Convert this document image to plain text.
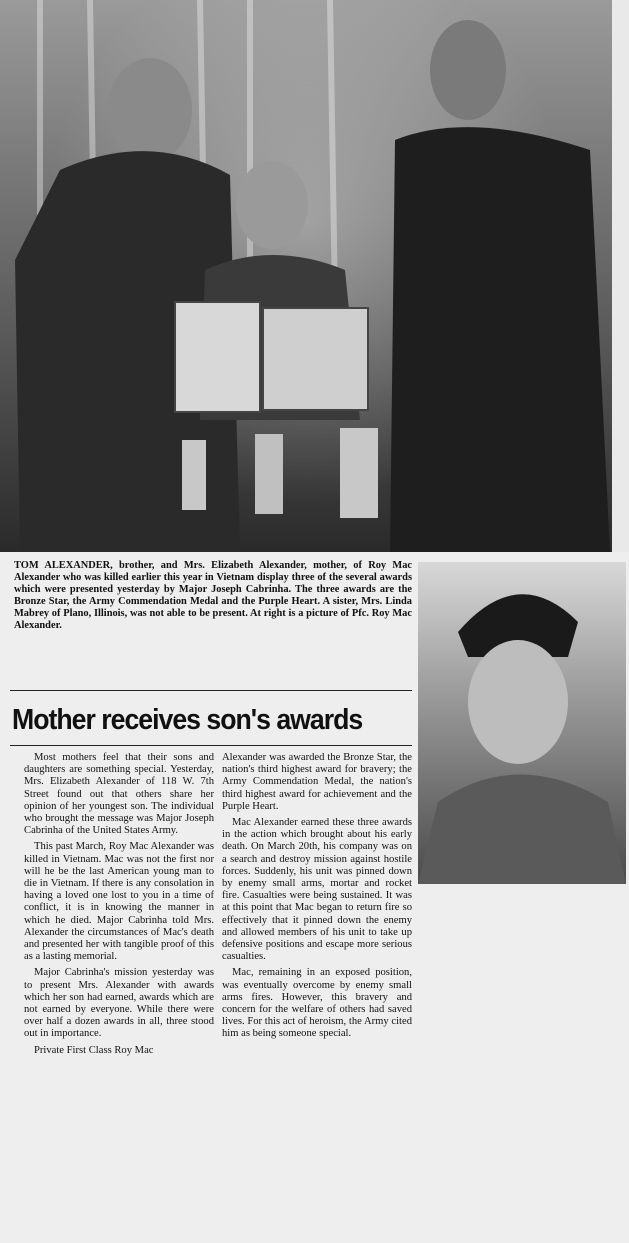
TOM ALEXANDER, brother, and Mrs. Elizabeth Alexander, mother, of Roy Mac Alexander who was killed earlier this year in Vietnam display three of the several awards which were presented yesterday by Major Joseph Cabrinha. The three awards are the Bronze Star, the Army Commendation Medal and the Purple Heart. A sister, Mrs. Linda Mabrey of Plano, Illinois, was not able to be present. At right is a picture of Pfc. Roy Mac Alexander.

Mother receives son's awards

Most mothers feel that their sons and daughters are something special. Yesterday, Mrs. Elizabeth Alexander of 118 W. 7th Street found out that others share her opinion of her youngest son. The individual who brought the message was Major Joseph Cabrinha of the United States Army.

This past March, Roy Mac Alexander was killed in Vietnam. Mac was not the first nor will he be the last American young man to die in Vietnam. If there is any consolation in having a loved one lost to you in a time of conflict, it is in knowing the manner in which he died. Major Cabrinha told Mrs. Alexander the circumstances of Mac's death and presented her with tangible proof of this as a lasting memorial.

Major Cabrinha's mission yesterday was to present Mrs. Alexander with awards which her son had earned, awards which are not earned by everyone. While there were over half a dozen awards in all, three stood out in importance.

Private First Class Roy Mac

Alexander was awarded the Bronze Star, the nation's third highest award for bravery; the Army Commendation Medal, the nation's third highest award for achievement and the Purple Heart.

Mac Alexander earned these three awards in the action which brought about his early death. On March 20th, his company was on a search and destroy mission against hostile forces. Suddenly, his unit was pinned down by enemy small arms, mortar and rocket fire. Casualties were being sustained. It was at this point that Mac began to return fire so effectively that it pinned down the enemy and allowed members of his unit to take up defensive positions and escape more serious casualties.

Mac, remaining in an exposed position, was eventually overcome by enemy small arms fires. However, this bravery and concern for the welfare of others had saved lives. For this act of heroism, the Army cited him as being someone special.
